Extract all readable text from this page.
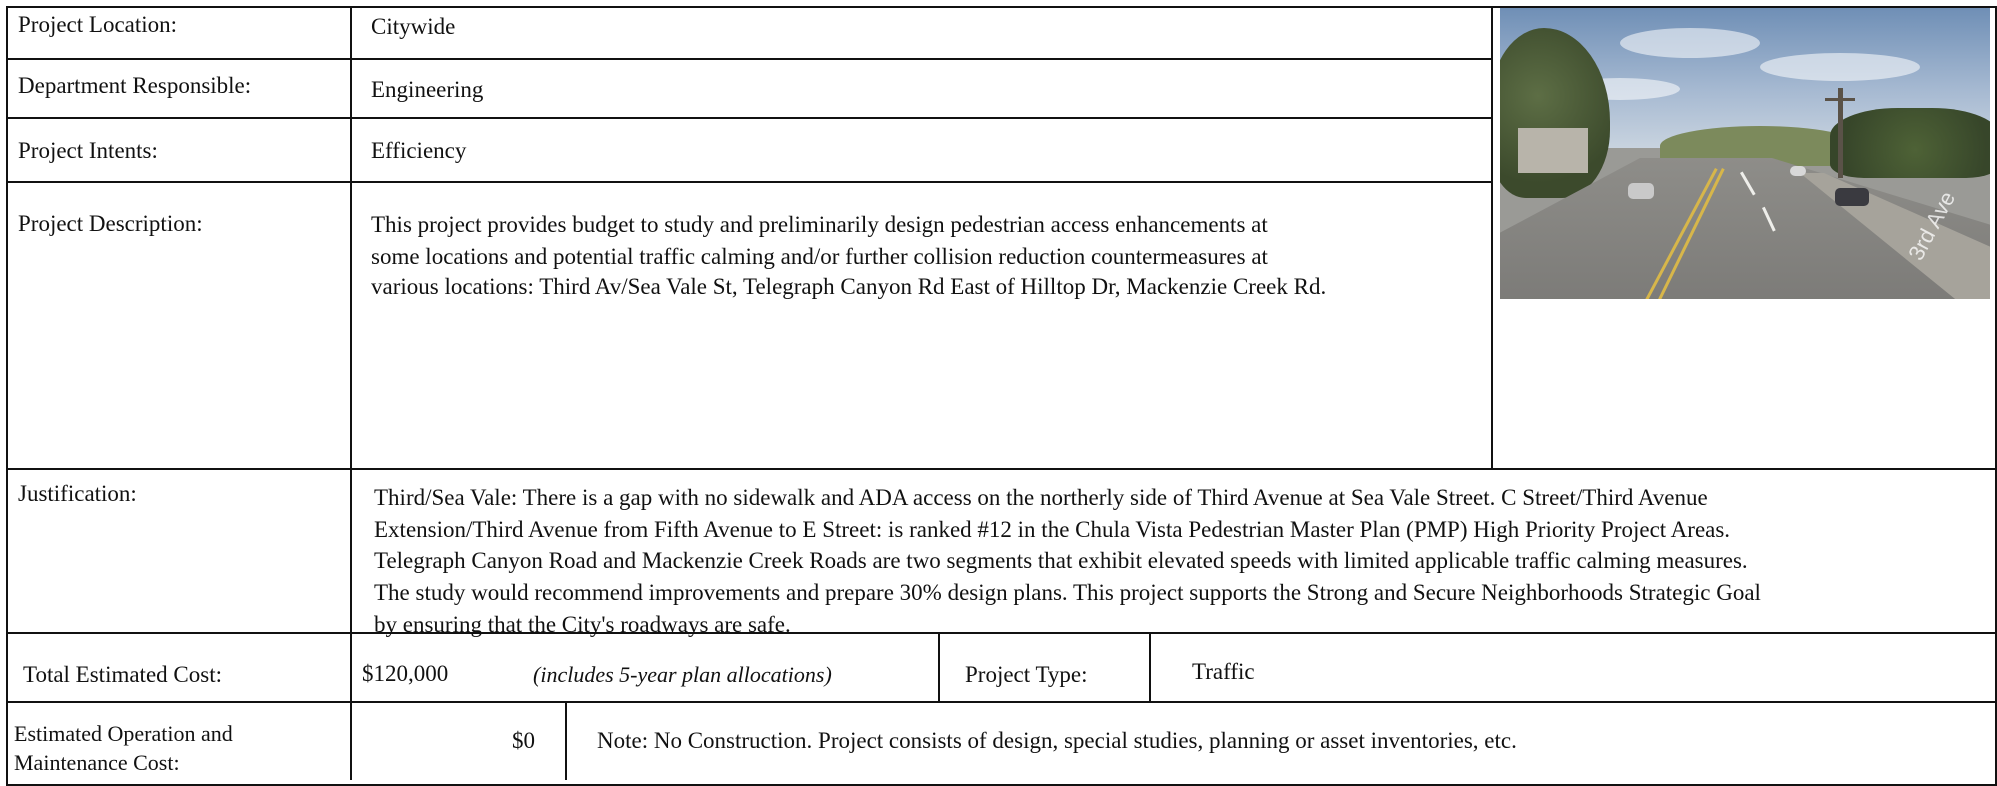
Project Location:	Citywide
Department Responsible:	Engineering
Project Intents:	Efficiency
Project Description:	This project provides budget to study and preliminarily design pedestrian access enhancements at
some locations and potential traffic calming and/or further collision reduction countermeasures at
various locations: Third Av/Sea Vale St, Telegraph Canyon Rd East of Hilltop Dr, Mackenzie Creek Rd.
3rd Ave
Justification:	Third/Sea Vale: There is a gap with no sidewalk and ADA access on the northerly side of Third Avenue at Sea Vale Street. C Street/Third Avenue
Extension/Third Avenue from Fifth Avenue to E Street: is ranked #12 in the Chula Vista Pedestrian Master Plan (PMP) High Priority Project Areas.
Telegraph Canyon Road and Mackenzie Creek Roads are two segments that exhibit elevated speeds with limited applicable traffic calming measures.
The study would recommend improvements and prepare 30% design plans. This project supports the Strong and Secure Neighborhoods Strategic Goal
by ensuring that the City's roadways are safe.
Total Estimated Cost:	$120,000	(includes 5-year plan allocations)	Project Type:	Traffic
Estimated Operation and
Maintenance Cost:
$0	Note: No Construction. Project consists of design, special studies, planning or asset inventories, etc.
